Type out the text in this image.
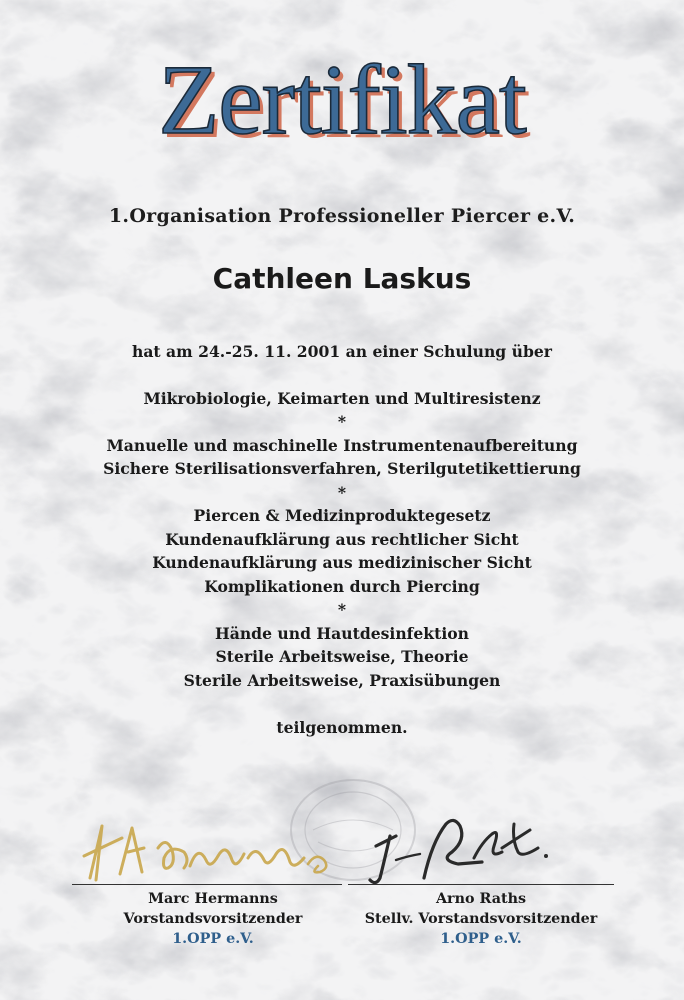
Zertifikat
1.Organisation Professioneller Piercer e.V.
Cathleen Laskus
hat am 24.-25. 11. 2001 an einer Schulung über
Mikrobiologie, Keimarten und Multiresistenz
*
Manuelle und maschinelle Instrumentenaufbereitung
Sichere Sterilisationsverfahren, Sterilgutetikettierung
*
Piercen & Medizinproduktegesetz
Kundenaufklärung aus rechtlicher Sicht
Kundenaufklärung aus medizinischer Sicht
Komplikationen durch Piercing
*
Hände und Hautdesinfektion
Sterile Arbeitsweise, Theorie
Sterile Arbeitsweise, Praxisübungen
teilgenommen.
Marc Hermanns
Vorstandsvorsitzender
1.OPP e.V.
Arno Raths
Stellv. Vorstandsvorsitzender
1.OPP e.V.
